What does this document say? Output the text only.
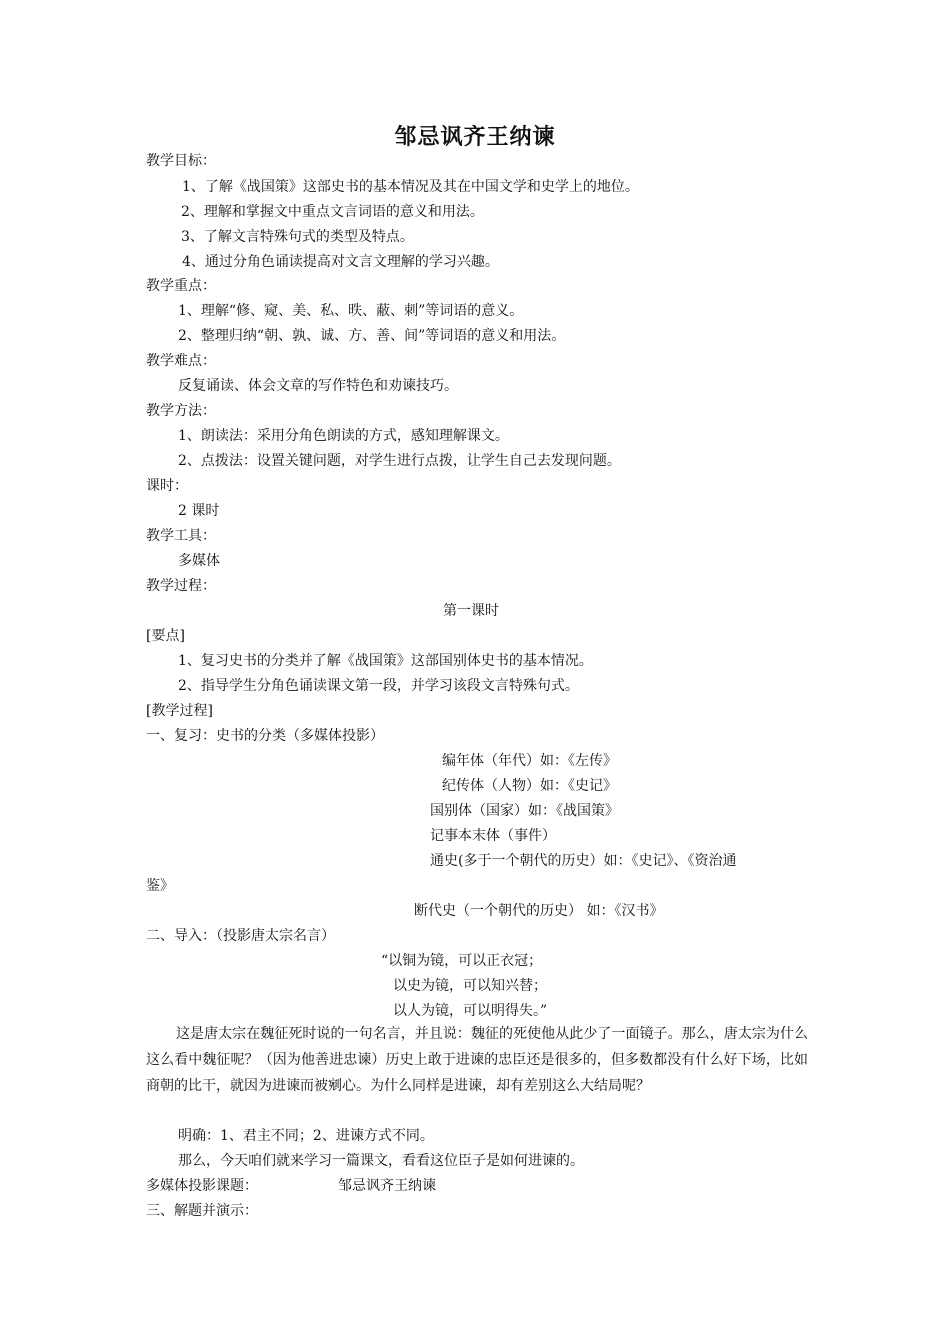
邹忌讽齐王纳谏
教学目标：
1、了解《战国策》这部史书的基本情况及其在中国文学和史学上的地位。
2、理解和掌握文中重点文言词语的意义和用法。
3、了解文言特殊句式的类型及特点。
4、通过分角色诵读提高对文言文理解的学习兴趣。
教学重点：
1、理解“修、窥、美、私、昳、蔽、刺”等词语的意义。
2、整理归纳“朝、孰、诚、方、善、间”等词语的意义和用法。
教学难点：
反复诵读、体会文章的写作特色和劝谏技巧。
教学方法：
1、朗读法：采用分角色朗读的方式，感知理解课文。
2、点拨法：设置关键问题，对学生进行点拨，让学生自己去发现问题。
课时：
2 课时
教学工具：
多媒体
教学过程：
第一课时
[要点]
1、复习史书的分类并了解《战国策》这部国别体史书的基本情况。
2、指导学生分角色诵读课文第一段，并学习该段文言特殊句式。
[教学过程]
一、复习：史书的分类（多媒体投影）
编年体（年代）如：《左传》
纪传体（人物）如：《史记》
国别体（国家）如：《战国策》
记事本末体（事件）
通史(多于一个朝代的历史）如：《史记》、《资治通
鉴》
断代史（一个朝代的历史） 如：《汉书》
二、导入：（投影唐太宗名言）
“以铜为镜，可以正衣冠；
以史为镜，可以知兴替；
以人为镜，可以明得失。”
这是唐太宗在魏征死时说的一句名言，并且说：魏征的死使他从此少了一面镜子。那么，唐太宗为什么这么看中魏征呢？（因为他善进忠谏）历史上敢于进谏的忠臣还是很多的，但多数都没有什么好下场，比如商朝的比干，就因为进谏而被剜心。为什么同样是进谏，却有差别这么大结局呢？
明确：1、君主不同；2、进谏方式不同。
那么，今天咱们就来学习一篇课文，看看这位臣子是如何进谏的。
多媒体投影课题：	邹忌讽齐王纳谏
三、解题并演示：
